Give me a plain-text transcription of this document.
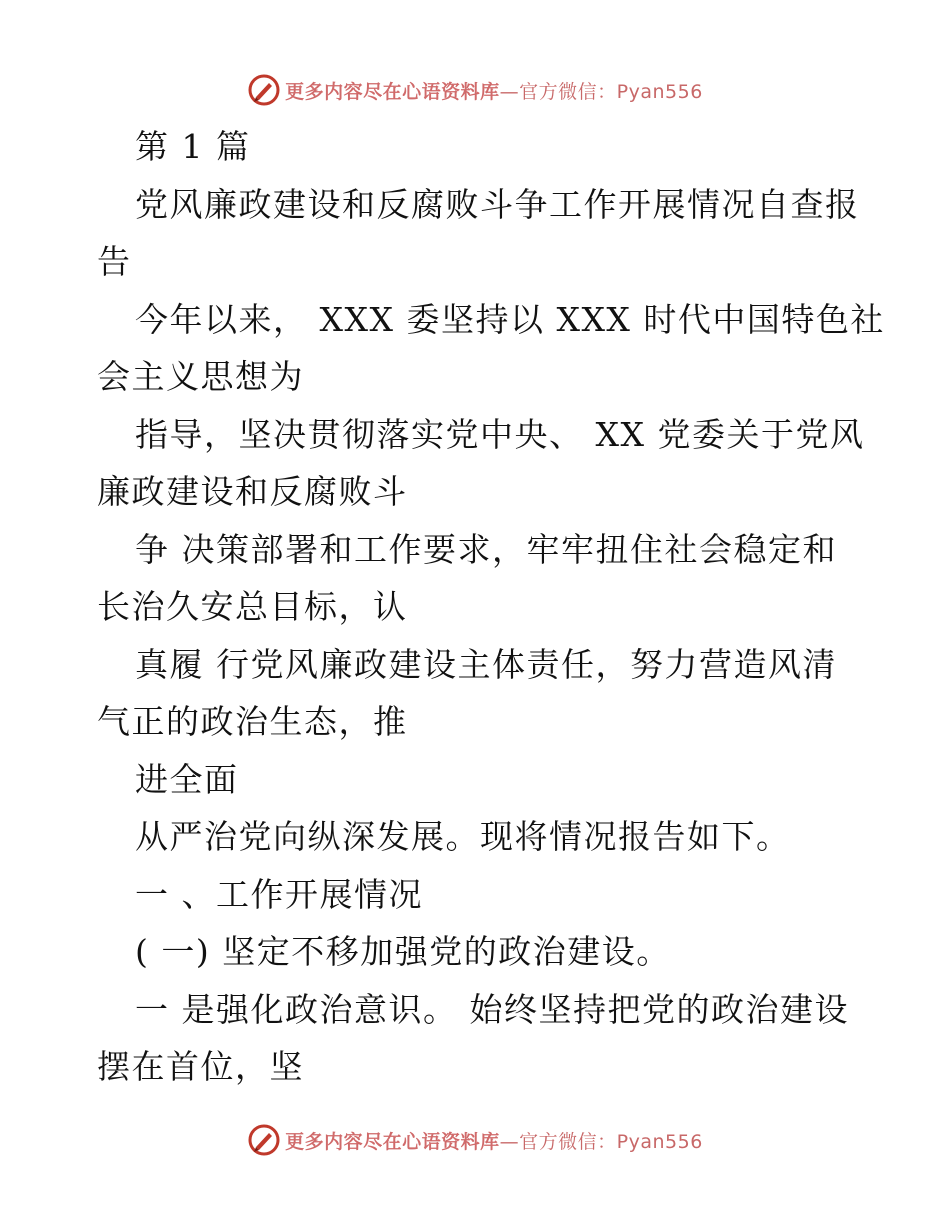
更多内容尽在心语资料库—官方微信：Pyan556
第 1 篇
党风廉政建设和反腐败斗争工作开展情况自查报
告
今年以来， XXX 委坚持以 XXX 时代中国特色社
会主义思想为
指导，坚决贯彻落实党中央、 XX 党委关于党风
廉政建设和反腐败斗
争 决策部署和工作要求，牢牢扭住社会稳定和
长治久安总目标，认
真履 行党风廉政建设主体责任，努力营造风清
气正的政治生态，推
进全面
从严治党向纵深发展。现将情况报告如下。
一 、工作开展情况
( 一) 坚定不移加强党的政治建设。
一 是强化政治意识。 始终坚持把党的政治建设
摆在首位，坚
更多内容尽在心语资料库—官方微信：Pyan556
